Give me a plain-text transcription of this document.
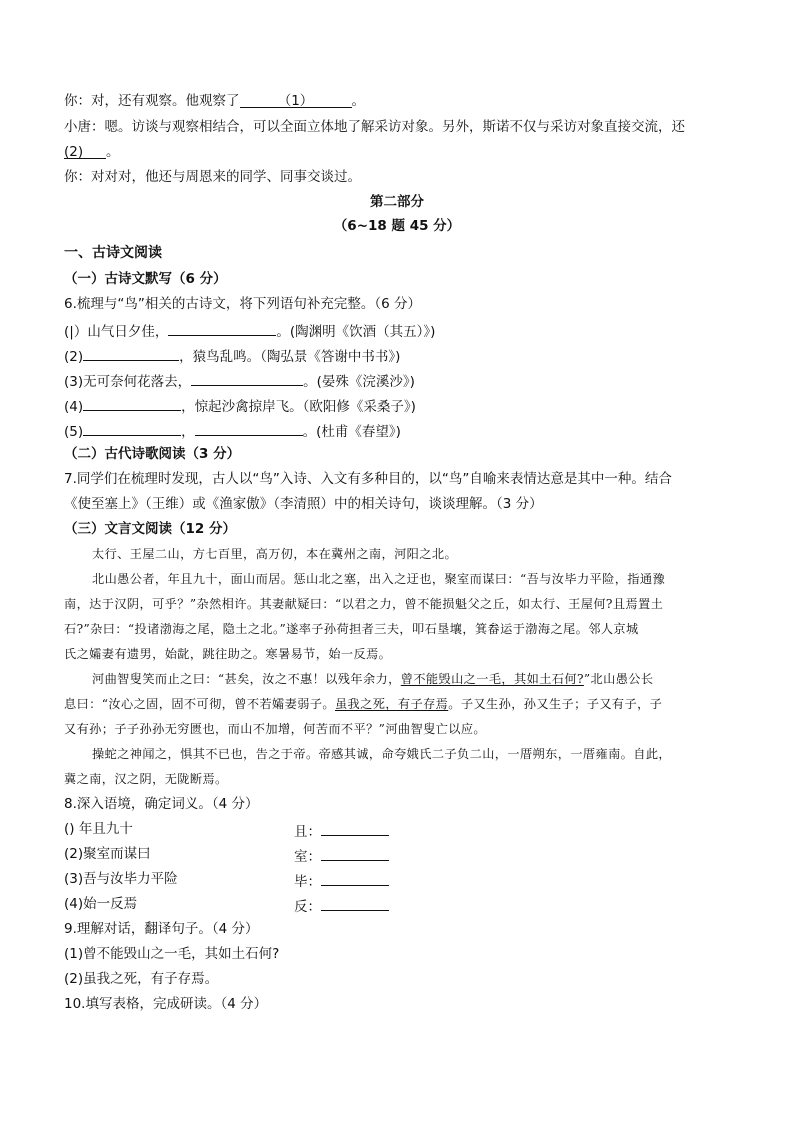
你：对，还有观察。他观察了	（1）	。
小唐：嗯。访谈与观察相结合，可以全面立体地了解采访对象。另外，斯诺不仅与采访对象直接交流，还
(2) 。
你：对对对，他还与周恩来的同学、同事交谈过。
第二部分
（6~18 题 45 分）
一、古诗文阅读
（一）古诗文默写（6 分）
6.梳理与“鸟”相关的古诗文，将下列语句补充完整。（6 分）
(|）山气日夕佳，	。(陶渊明《饮酒（其五）》)
(2)	，猿鸟乱鸣。（陶弘景《答谢中书书》)
(3)无可奈何花落去，	。(晏殊《浣溪沙》)
(4)	，惊起沙禽掠岸飞。（欧阳修《采桑子》)
(5)	，	。(杜甫《春望》)
（二）古代诗歌阅读（3 分）
7.同学们在梳理时发现，古人以“鸟”入诗、入文有多种目的，以“鸟”自喻来表情达意是其中一种。结合
《使至塞上》（王维）或《渔家傲》（李清照）中的相关诗句，谈谈理解。（3 分）
（三）文言文阅读（12 分）
太行、王屋二山，方七百里，高万仞，本在冀州之南，河阳之北。
北山愚公者，年且九十，面山而居。惩山北之塞，出入之迂也，聚室而谋曰：“吾与汝毕力平险，指通豫
南，达于汉阴，可乎？”杂然相许。其妻献疑曰：“以君之力，曾不能损魁父之丘，如太行、王屋何?且焉置土
石?”杂曰：“投诸渤海之尾，隐土之北。”遂率子孙荷担者三夫，叩石垦壤，箕畚运于渤海之尾。邻人京城
氏之孀妻有遗男，始龀，跳往助之。寒暑易节，始一反焉。
河曲智叟笑而止之曰：“甚矣，汝之不惠！以残年余力，曾不能毁山之一毛，其如土石何?”北山愚公长
息曰：“汝心之固，固不可彻，曾不若孀妻弱子。虽我之死，有子存焉。子又生孙，孙又生子；子又有子，子
又有孙；子子孙孙无穷匮也，而山不加增，何苦而不平？”河曲智叟亡以应。
操蛇之神闻之，惧其不已也，告之于帝。帝感其诚，命夸娥氏二子负二山，一厝朔东，一厝雍南。自此，
冀之南，汉之阴，无陇断焉。
8.深入语境，确定词义。（4 分）
() 年且九十	且：
(2)聚室而谋曰	室：
(3)吾与汝毕力平险	毕：
(4)始一反焉	反：
9.理解对话，翻译句子。（4 分）
(1)曾不能毁山之一毛，其如土石何?
(2)虽我之死，有子存焉。
10.填写表格，完成研读。（4 分）
